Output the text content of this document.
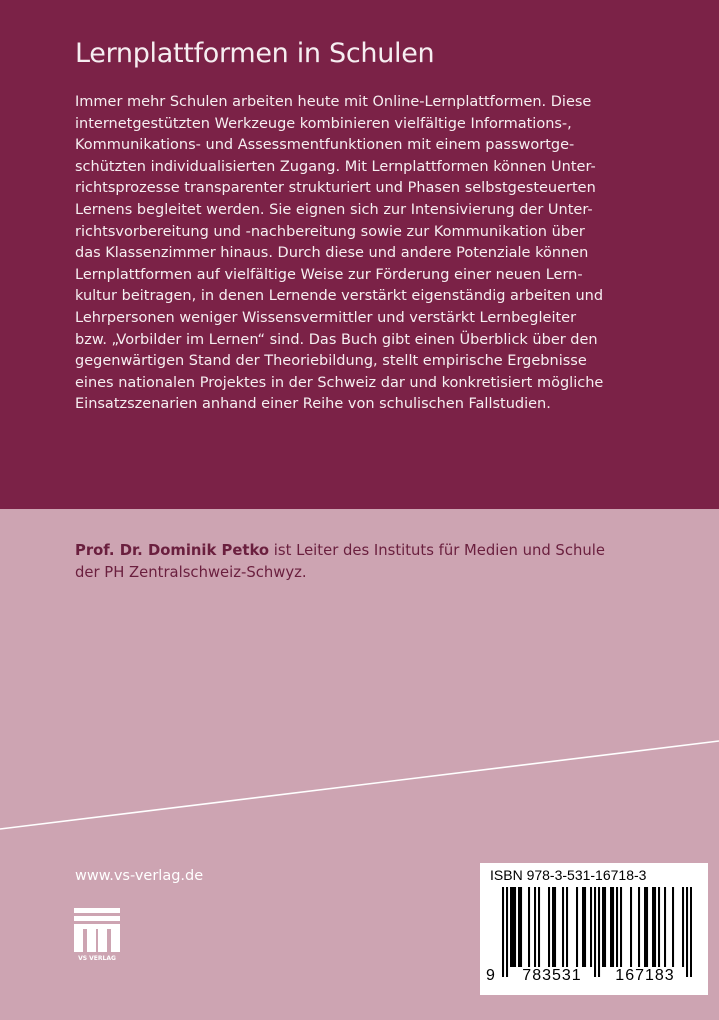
Lernplattformen in Schulen
Immer mehr Schulen arbeiten heute mit Online-Lernplattformen. Diese
internetgestützten Werkzeuge kombinieren vielfältige Informations-,
Kommunikations- und Assessmentfunktionen mit einem passwortge-
schützten individualisierten Zugang. Mit Lernplattformen können Unter-
richtsprozesse transparenter strukturiert und Phasen selbstgesteuerten
Lernens begleitet werden. Sie eignen sich zur Intensivierung der Unter-
richtsvorbereitung und -nachbereitung sowie zur Kommunikation über
das Klassenzimmer hinaus. Durch diese und andere Potenziale können
Lernplattformen auf vielfältige Weise zur Förderung einer neuen Lern-
kultur beitragen, in denen Lernende verstärkt eigenständig arbeiten und
Lehrpersonen weniger Wissensvermittler und verstärkt Lernbegleiter
bzw. „Vorbilder im Lernen“ sind. Das Buch gibt einen Überblick über den
gegenwärtigen Stand der Theoriebildung, stellt empirische Ergebnisse
eines nationalen Projektes in der Schweiz dar und konkretisiert mögliche
Einsatzszenarien anhand einer Reihe von schulischen Fallstudien.
Prof. Dr. Dominik Petko ist Leiter des Instituts für Medien und Schule
der PH Zentralschweiz-Schwyz.
www.vs-verlag.de
VS VERLAG
ISBN 978-3-531-16718-3
9	783531	167183
